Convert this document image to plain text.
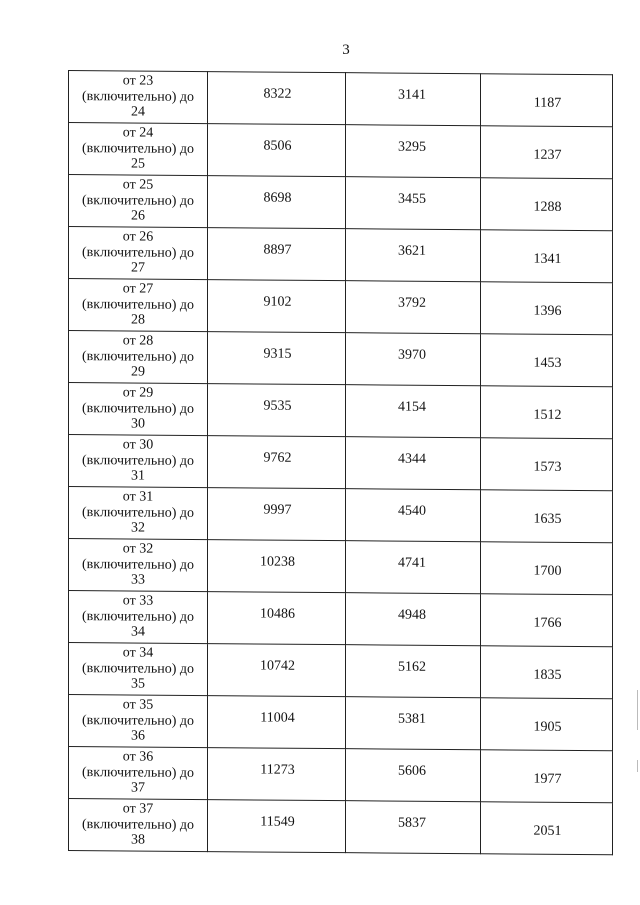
3
от 23
(включительно) до
24	8322	3141	1187

от 24
(включительно) до
25	8506	3295	1237

от 25
(включительно) до
26	8698	3455	1288

от 26
(включительно) до
27	8897	3621	1341

от 27
(включительно) до
28	9102	3792	1396

от 28
(включительно) до
29	9315	3970	1453

от 29
(включительно) до
30	9535	4154	1512

от 30
(включительно) до
31	9762	4344	1573

от 31
(включительно) до
32	9997	4540	1635

от 32
(включительно) до
33	10238	4741	1700

от 33
(включительно) до
34	10486	4948	1766

от 34
(включительно) до
35	10742	5162	1835

от 35
(включительно) до
36	11004	5381	1905

от 36
(включительно) до
37	11273	5606	1977

от 37
(включительно) до
38	11549	5837	2051
